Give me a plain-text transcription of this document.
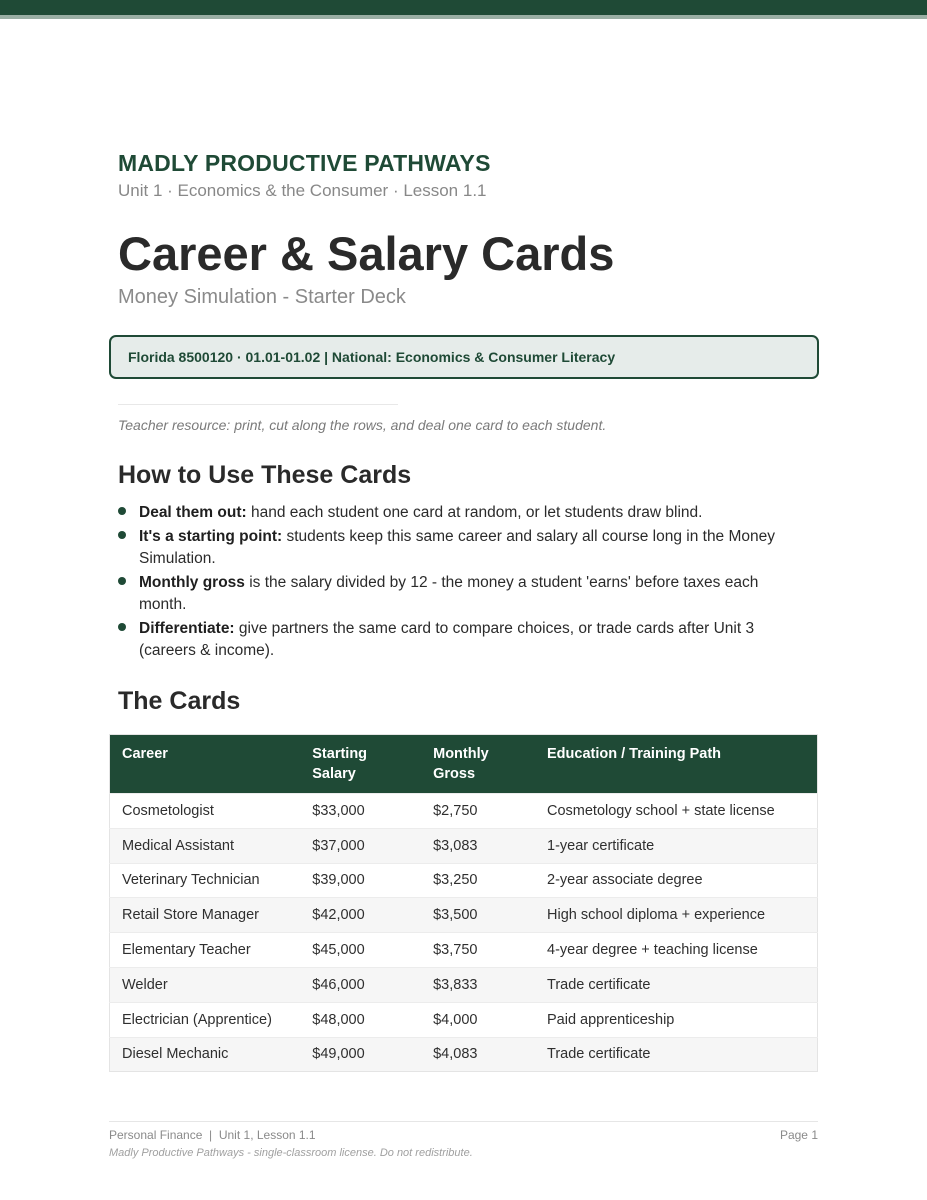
MADLY PRODUCTIVE PATHWAYS
Unit 1 · Economics & the Consumer · Lesson 1.1
Career & Salary Cards
Money Simulation - Starter Deck
Florida 8500120 · 01.01-01.02 | National: Economics & Consumer Literacy
Teacher resource: print, cut along the rows, and deal one card to each student.
How to Use These Cards
Deal them out: hand each student one card at random, or let students draw blind.
It's a starting point: students keep this same career and salary all course long in the Money Simulation.
Monthly gross is the salary divided by 12 - the money a student 'earns' before taxes each month.
Differentiate: give partners the same card to compare choices, or trade cards after Unit 3 (careers & income).
The Cards
Career	Starting Salary	Monthly Gross	Education / Training Path
Cosmetologist	$33,000	$2,750	Cosmetology school + state license
Medical Assistant	$37,000	$3,083	1-year certificate
Veterinary Technician	$39,000	$3,250	2-year associate degree
Retail Store Manager	$42,000	$3,500	High school diploma + experience
Elementary Teacher	$45,000	$3,750	4-year degree + teaching license
Welder	$46,000	$3,833	Trade certificate
Electrician (Apprentice)	$48,000	$4,000	Paid apprenticeship
Diesel Mechanic	$49,000	$4,083	Trade certificate
Personal Finance  |  Unit 1, Lesson 1.1	Page 1
Madly Productive Pathways - single-classroom license. Do not redistribute.
